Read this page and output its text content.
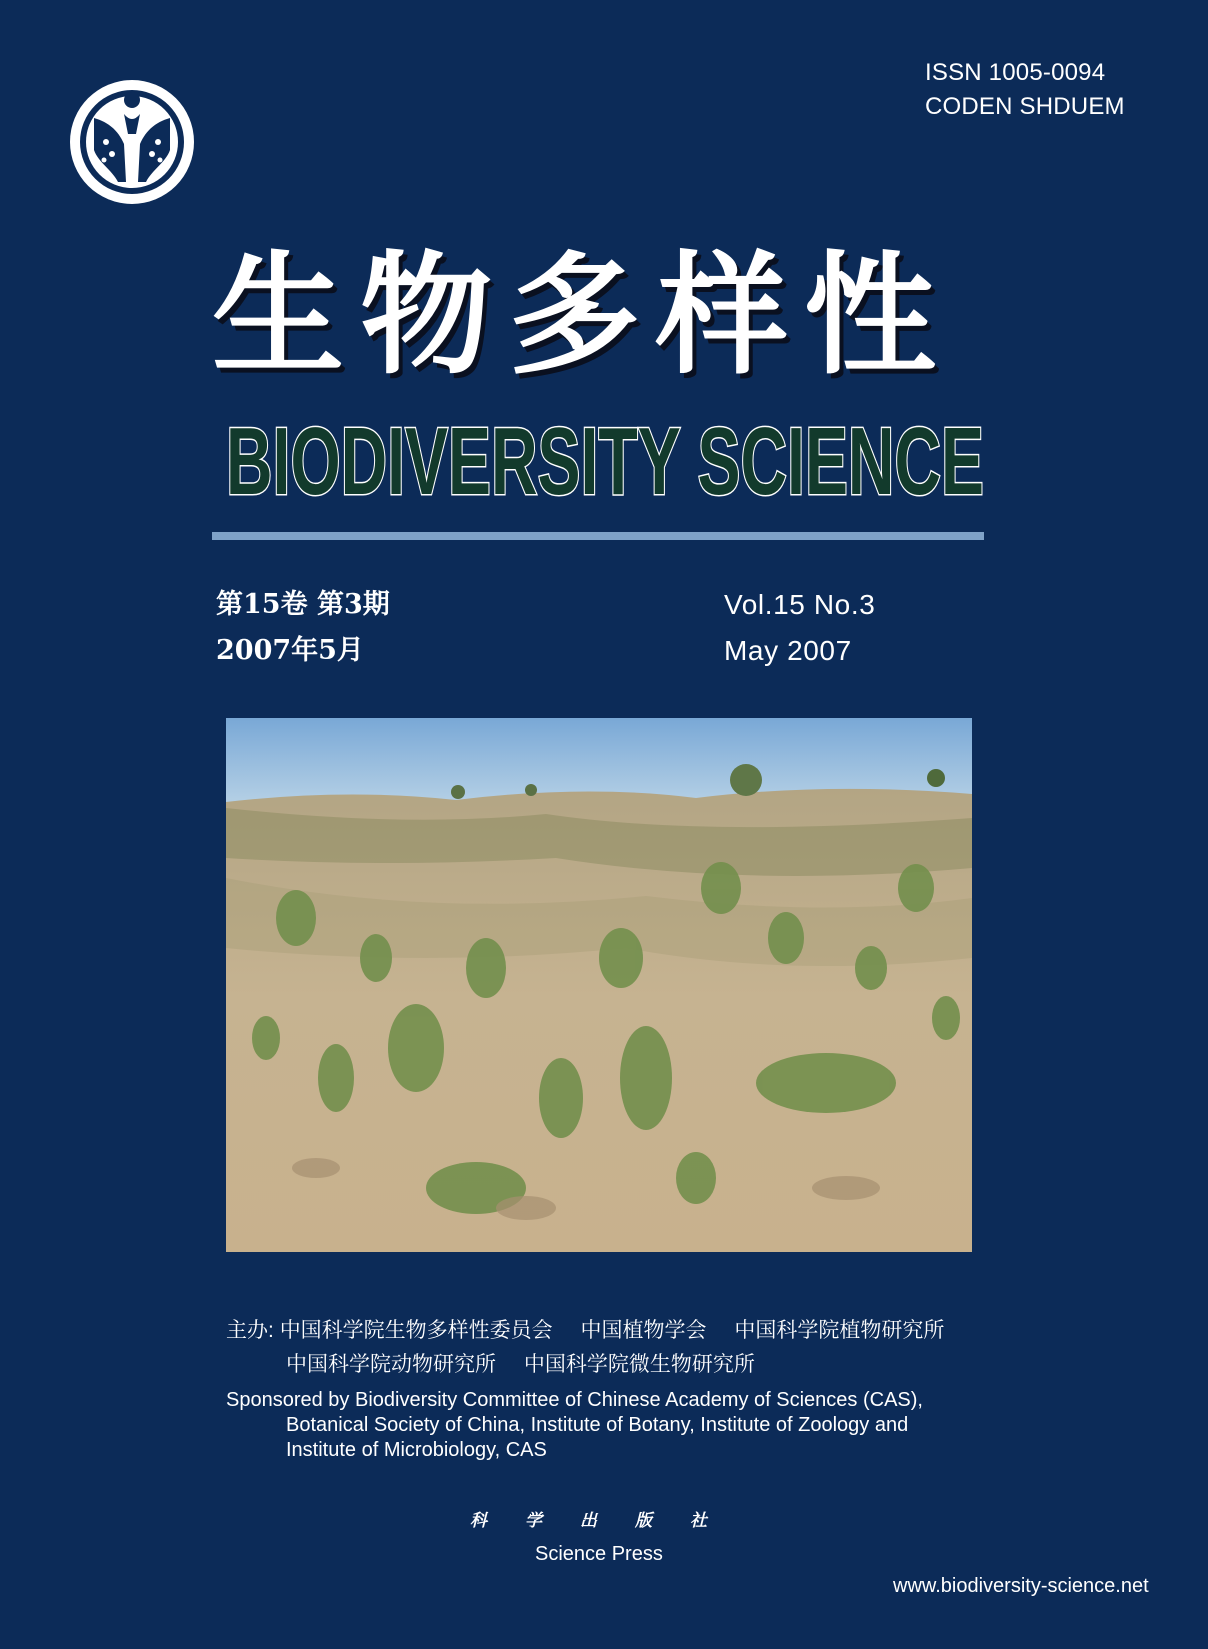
ISSN 1005-0094
CODEN SHDUEM
生物多样性
BIODIVERSITY SCIENCE
第15卷 第3期
2007年5月
Vol.15 No.3
May 2007
主办: 中国科学院生物多样性委员会 中国植物学会 中国科学院植物研究所
中国科学院动物研究所 中国科学院微生物研究所
Sponsored by Biodiversity Committee of Chinese Academy of Sciences (CAS),
Botanical Society of China, Institute of Botany, Institute of Zoology and
Institute of Microbiology, CAS
科学出版社
Science Press
www.biodiversity-science.net
